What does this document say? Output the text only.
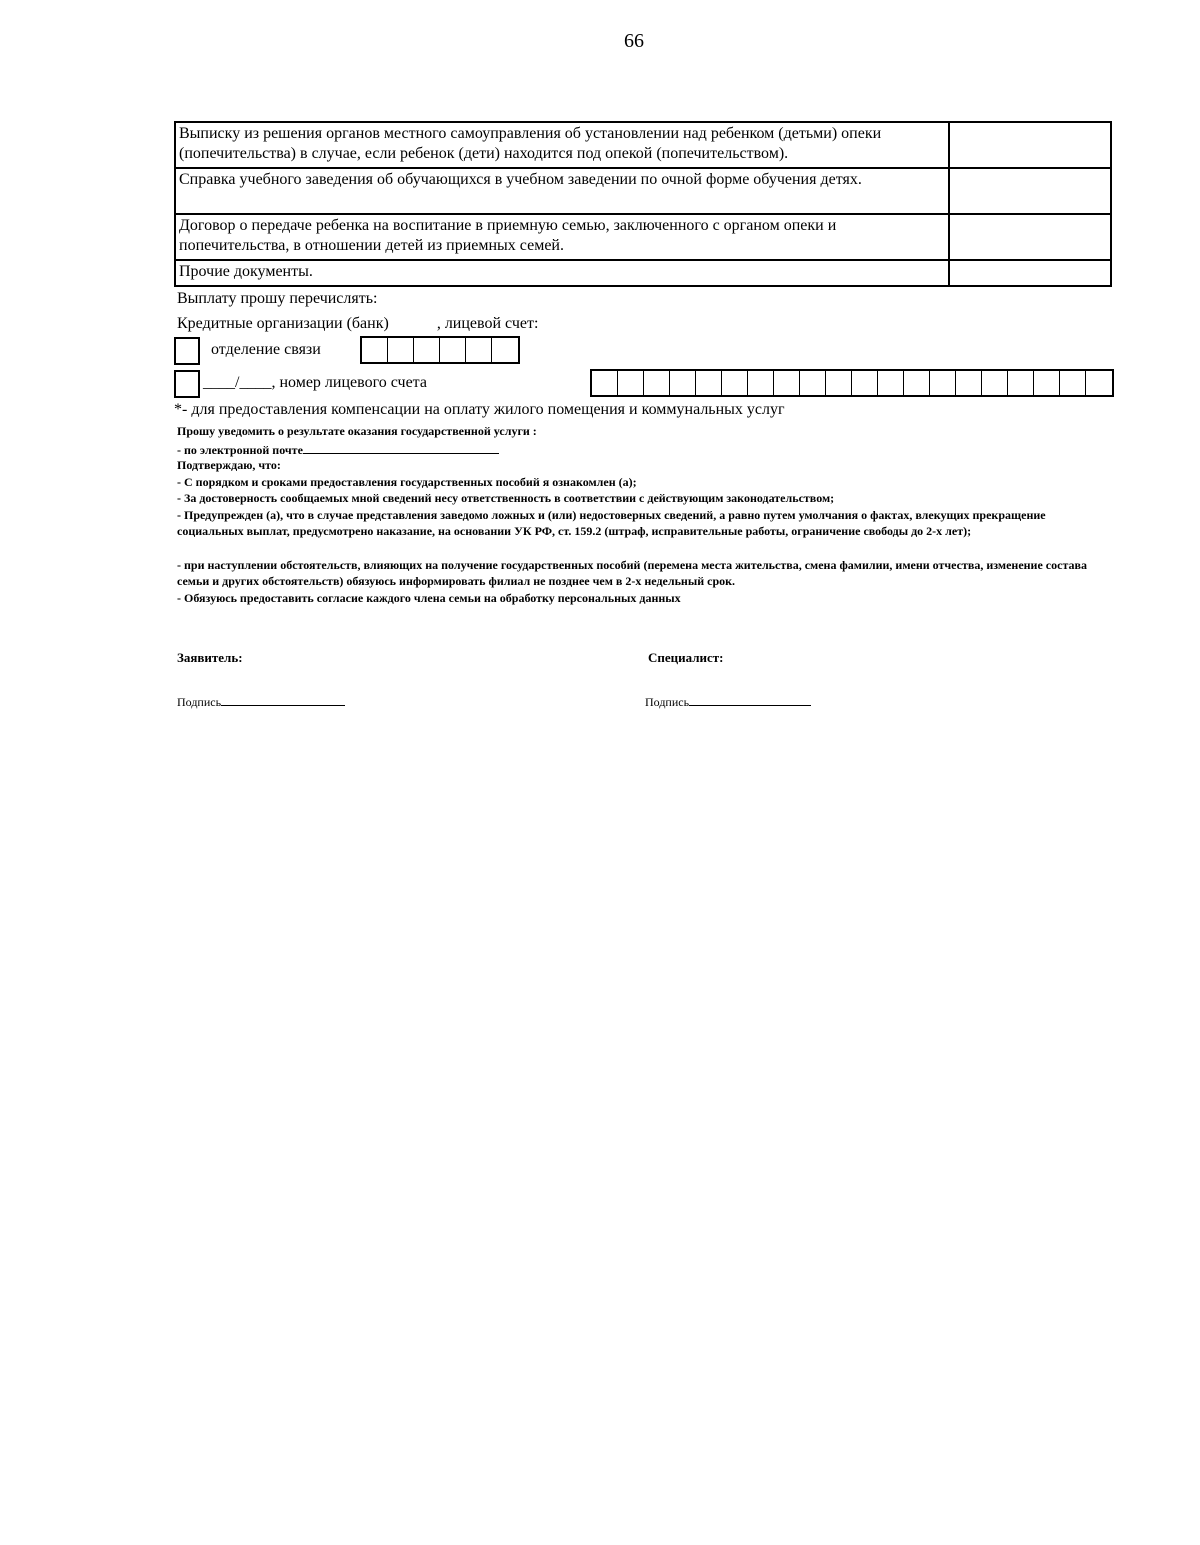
66
Выписку из решения органов местного самоуправления об установлении над ребенком (детьми) опеки (попечительства) в случае, если ребенок (дети) находится под опекой (попечительством).	
Справка учебного заведения об обучающихся в учебном заведении по очной форме обучения детях.	
Договор о передаче ребенка на воспитание в приемную семью, заключенного с органом опеки и попечительства, в отношении детей из приемных семей.	
Прочие документы.	
Выплату прошу перечислять:
Кредитные организации (банк)	, лицевой счет:
отделение связи
____/____, номер лицевого счета
*- для предоставления компенсации на оплату жилого помещения и коммунальных услуг
Прошу уведомить о результате оказания государственной услуги :
- по электронной почте
Подтверждаю, что:
- С порядком и сроками предоставления государственных пособий я ознакомлен (а);
- За достоверность сообщаемых мной сведений несу ответственность в соответствии с действующим законодательством;
- Предупрежден (а), что в случае представления заведомо ложных и (или) недостоверных сведений, а равно путем умолчания о фактах, влекущих прекращение социальных выплат, предусмотрено наказание, на основании УК РФ, ст. 159.2 (штраф, исправительные работы, ограничение свободы до 2-х лет);
- при наступлении обстоятельств, влияющих на получение государственных пособий (перемена места жительства, смена фамилии, имени отчества, изменение состава семьи и других обстоятельств) обязуюсь информировать филиал не позднее чем в 2-х недельный срок.
- Обязуюсь предоставить согласие каждого члена семьи на обработку персональных данных
Заявитель:	Специалист:
Подпись	Подпись
